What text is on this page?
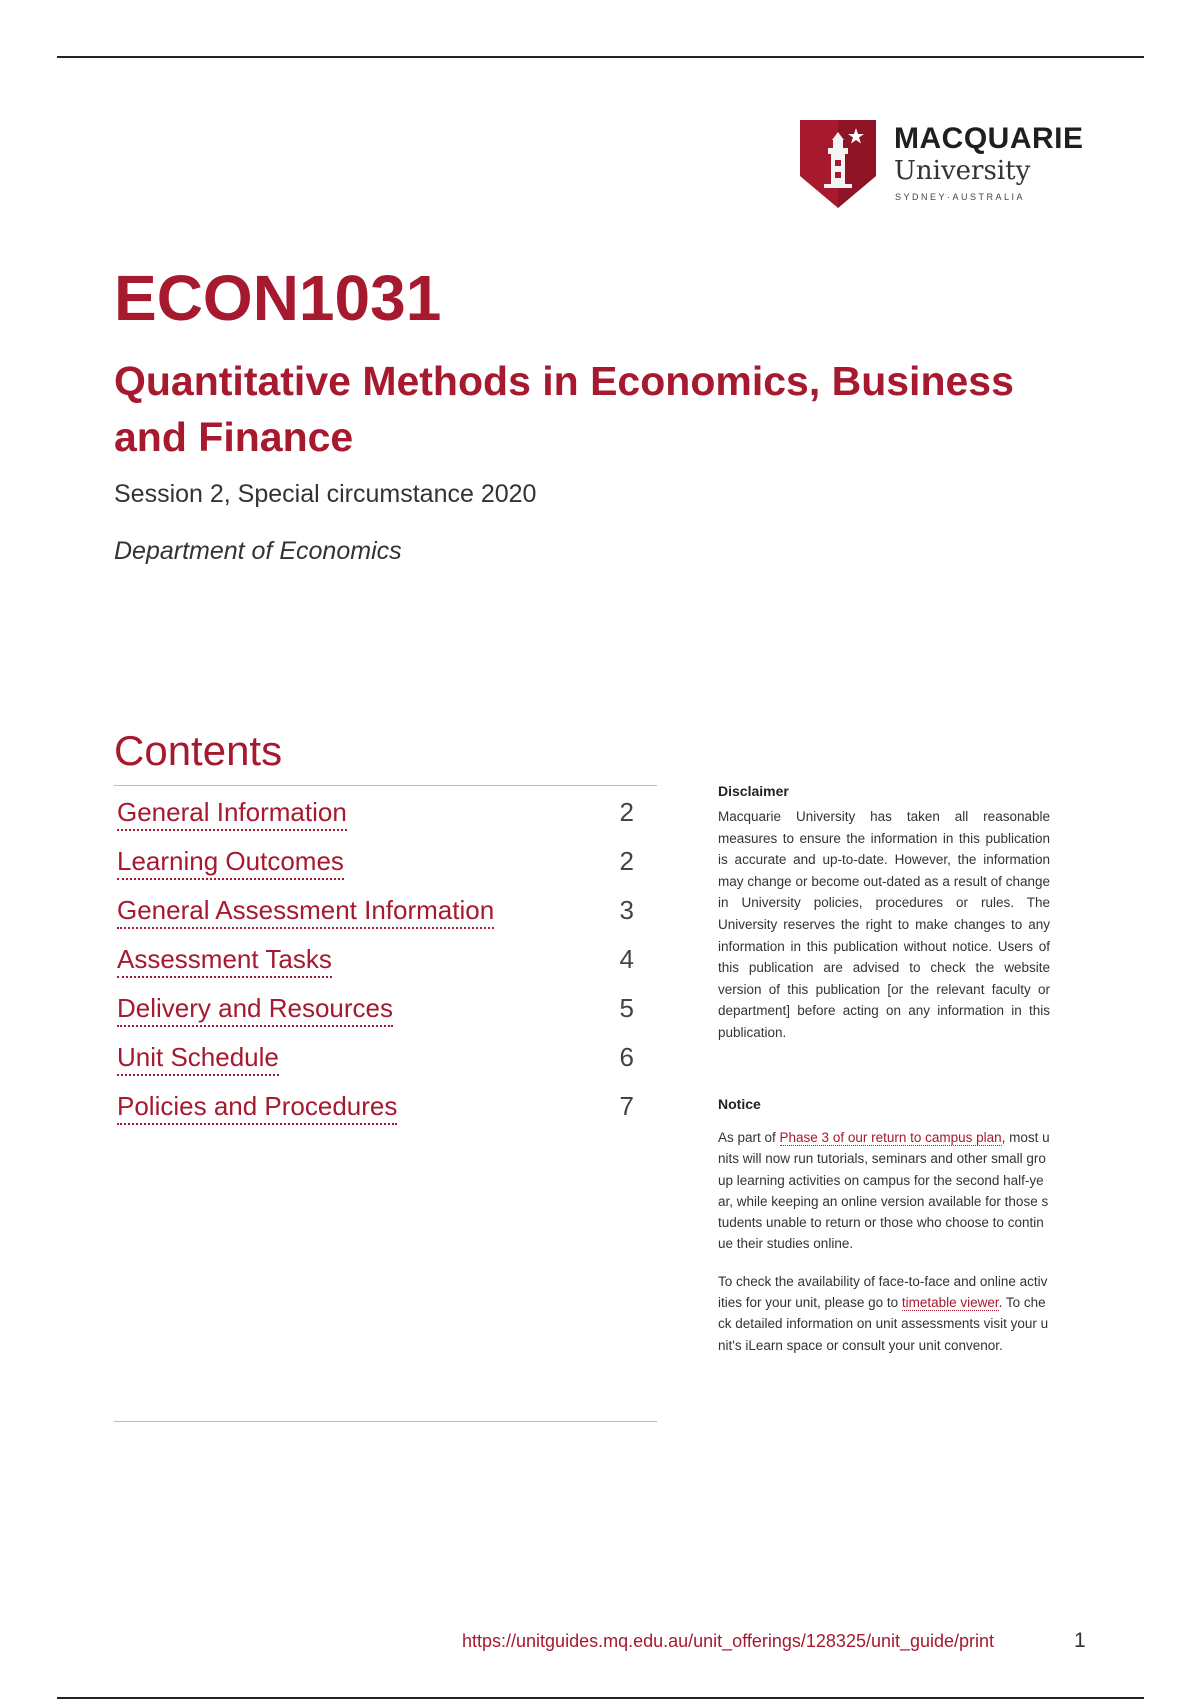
MACQUARIE
University
SYDNEY·AUSTRALIA
ECON1031
Quantitative Methods in Economics, Business and Finance
Session 2, Special circumstance 2020
Department of Economics
Contents
General Information	2
Learning Outcomes	2
General Assessment Information	3
Assessment Tasks	4
Delivery and Resources	5
Unit Schedule	6
Policies and Procedures	7
Disclaimer

Macquarie University has taken all reasonable measures to ensure the information in this publication is accurate and up-to-date. However, the information may change or become out-dated as a result of change in University policies, procedures or rules. The University reserves the right to make changes to any information in this publication without notice. Users of this publication are advised to check the website version of this publication [or the relevant faculty or department] before acting on any information in this publication.

Notice

As part of Phase 3 of our return to campus plan, most units will now run tutorials, seminars and other small group learning activities on campus for the second half-year, while keeping an online version available for those students unable to return or those who choose to continue their studies online.

To check the availability of face-to-face and online activities for your unit, please go to timetable viewer. To check detailed information on unit assessments visit your unit's iLearn space or consult your unit convenor.

https://unitguides.mq.edu.au/unit_offerings/128325/unit_guide/print	1
